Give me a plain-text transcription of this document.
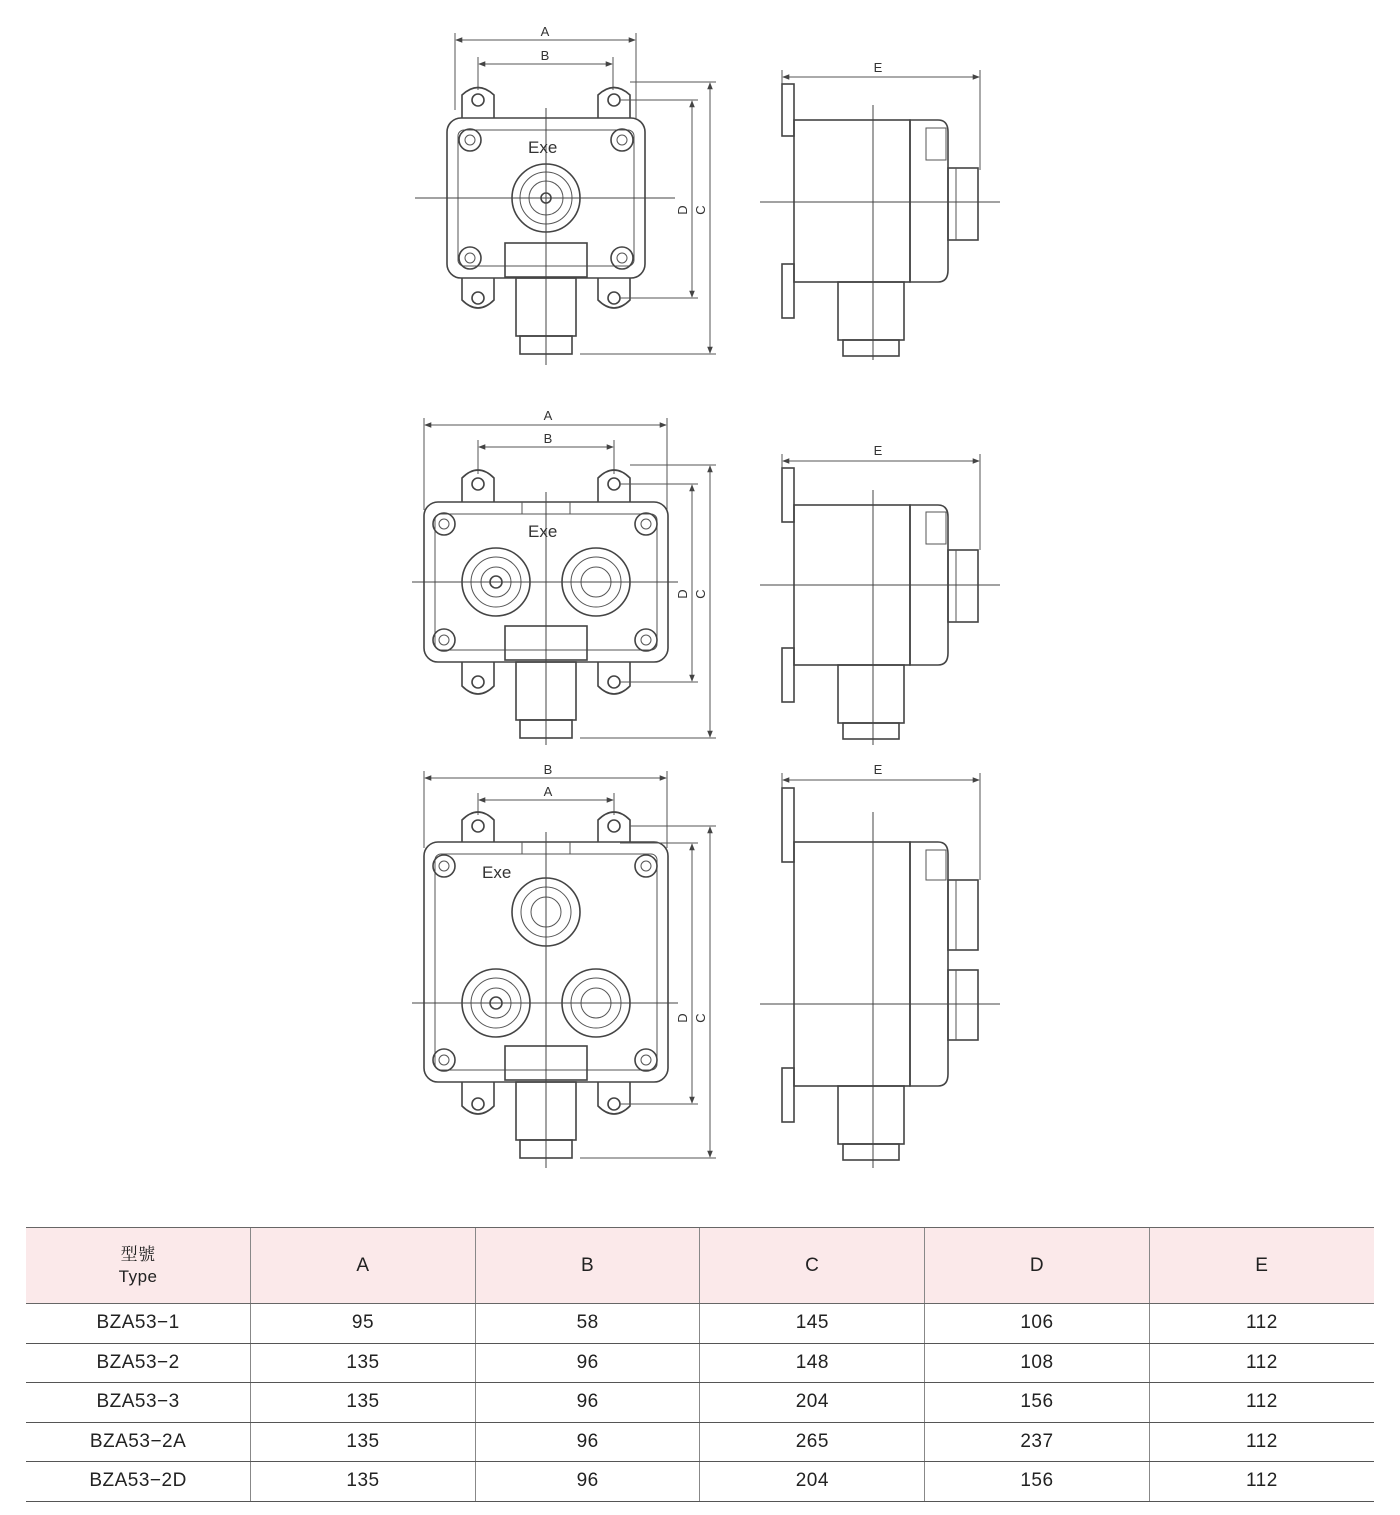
A
B
D C
Exe
E
A
B
D C
Exe
E
B
A
D C
Exe
E
型號
Type	A	B	C	D	E
BZA53−1	95	58	145	106	112
BZA53−2	135	96	148	108	112
BZA53−3	135	96	204	156	112
BZA53−2A	135	96	265	237	112
BZA53−2D	135	96	204	156	112
